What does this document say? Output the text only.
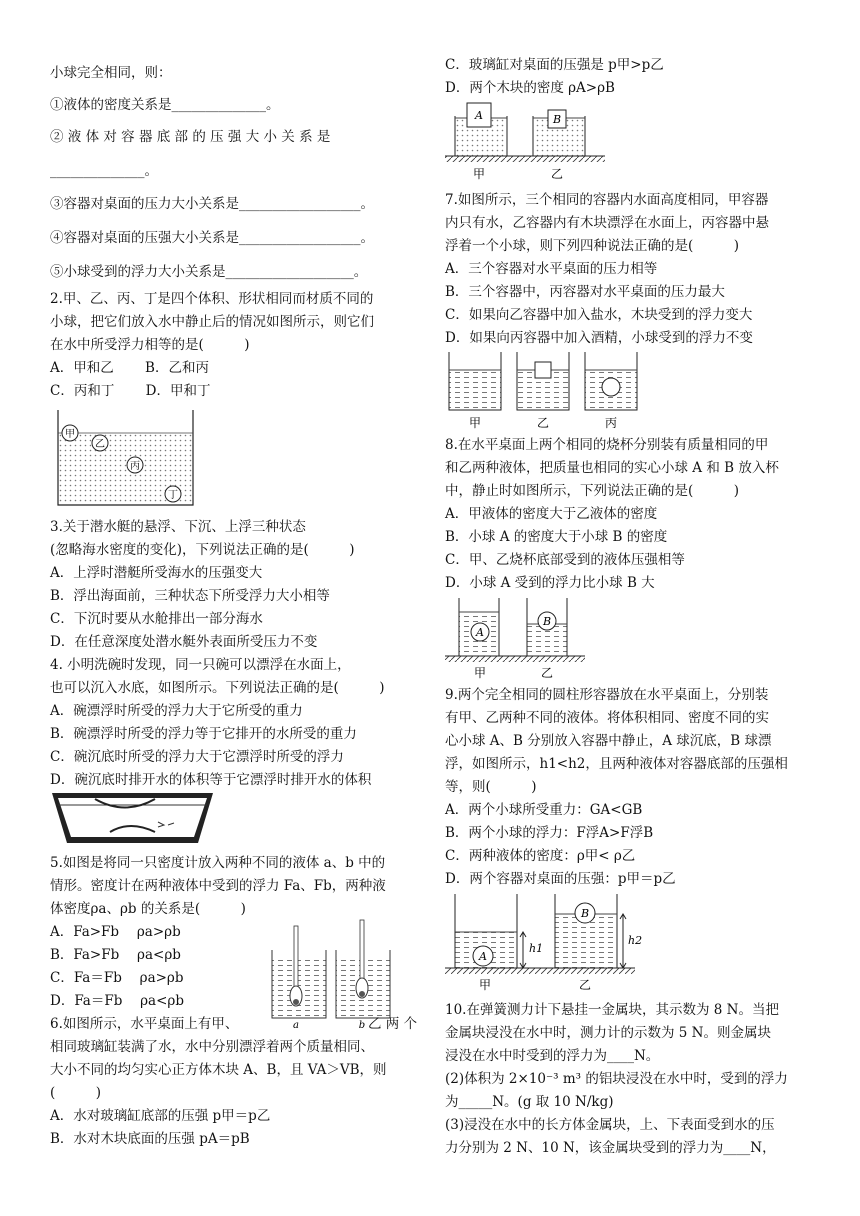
小球完全相同，则：
①液体的密度关系是______________。
② 液 体 对 容 器 底 部 的 压 强 大 小 关 系 是
______________。
③容器对桌面的压力大小关系是__________________。
④容器对桌面的压强大小关系是__________________。
⑤小球受到的浮力大小关系是___________________。
2.甲、乙、丙、丁是四个体积、形状相同而材质不同的
小球，把它们放入水中静止后的情况如图所示，则它们
在水中所受浮力相等的是(　　　)
A．甲和乙　　 B．乙和丙
C．丙和丁　　 D．甲和丁
甲
乙
丙
丁
3.关于潜水艇的悬浮、下沉、上浮三种状态
(忽略海水密度的变化)，下列说法正确的是(　　　)
A．上浮时潜艇所受海水的压强变大
B．浮出海面前，三种状态下所受浮力大小相等
C．下沉时要从水舱排出一部分海水
D．在任意深度处潜水艇外表面所受压力不变
4. 小明洗碗时发现，同一只碗可以漂浮在水面上，
也可以沉入水底，如图所示。下列说法正确的是(　　　)
A．碗漂浮时所受的浮力大于它所受的重力
B．碗漂浮时所受的浮力等于它排开的水所受的重力
C．碗沉底时所受的浮力大于它漂浮时所受的浮力
D．碗沉底时排开水的体积等于它漂浮时排开水的体积
5.如图是将同一只密度计放入两种不同的液体 a、b 中的
情形。密度计在两种液体中受到的浮力 Fa、Fb，两种液
体密度ρa、ρb 的关系是(　　　)
A．Fa>Fb　 ρa>ρb
B．Fa>Fb　 ρa<ρb
C．Fa＝Fb　 ρa>ρb
D．Fa＝Fb　 ρa<ρb
a	b
6.如图所示，水平桌面上有甲、	乙 两 个
相同玻璃缸装满了水，水中分别漂浮着两个质量相同、
大小不同的均匀实心正方体木块 A、B，且 VA＞VB，则
(　　　)
A．水对玻璃缸底部的压强 p甲＝p乙
B．水对木块底面的压强 pA＝pB
C．玻璃缸对桌面的压强是 p甲>p乙
D．两个木块的密度 ρA>ρB
A	B
甲	乙
7.如图所示，三个相同的容器内水面高度相同，甲容器
内只有水，乙容器内有木块漂浮在水面上，丙容器中悬
浮着一个小球，则下列四种说法正确的是(　　　)
A．三个容器对水平桌面的压力相等
B．三个容器中，丙容器对水平桌面的压力最大
C．如果向乙容器中加入盐水，木块受到的浮力变大
D．如果向丙容器中加入酒精，小球受到的浮力不变
甲	乙	丙
8.在水平桌面上两个相同的烧杯分别装有质量相同的甲
和乙两种液体，把质量也相同的实心小球 A 和 B 放入杯
中，静止时如图所示，下列说法正确的是(　　　)
A．甲液体的密度大于乙液体的密度
B．小球 A 的密度大于小球 B 的密度
C．甲、乙烧杯底部受到的液体压强相等
D．小球 A 受到的浮力比小球 B 大
A
B
甲	乙
9.两个完全相同的圆柱形容器放在水平桌面上，分别装
有甲、乙两种不同的液体。将体积相同、密度不同的实
心小球 A、B 分别放入容器中静止，A 球沉底，B 球漂
浮，如图所示，h1<h2，且两种液体对容器底部的压强相
等，则(　　　)
A．两个小球所受重力：GA<GB
B．两个小球的浮力：F浮A>F浮B
C．两种液体的密度：ρ甲< ρ乙
D．两个容器对桌面的压强：p甲＝p乙
A
h1
B
h2
甲	乙
10.在弹簧测力计下悬挂一金属块，其示数为 8 N。当把
金属块浸没在水中时，测力计的示数为 5 N。则金属块
浸没在水中时受到的浮力为____N。
(2)体积为 2×10⁻³ m³ 的铝块浸没在水中时，受到的浮力
为_____N。(g 取 10 N/kg)
(3)浸没在水中的长方体金属块，上、下表面受到水的压
力分别为 2 N、10 N，该金属块受到的浮力为____N，
